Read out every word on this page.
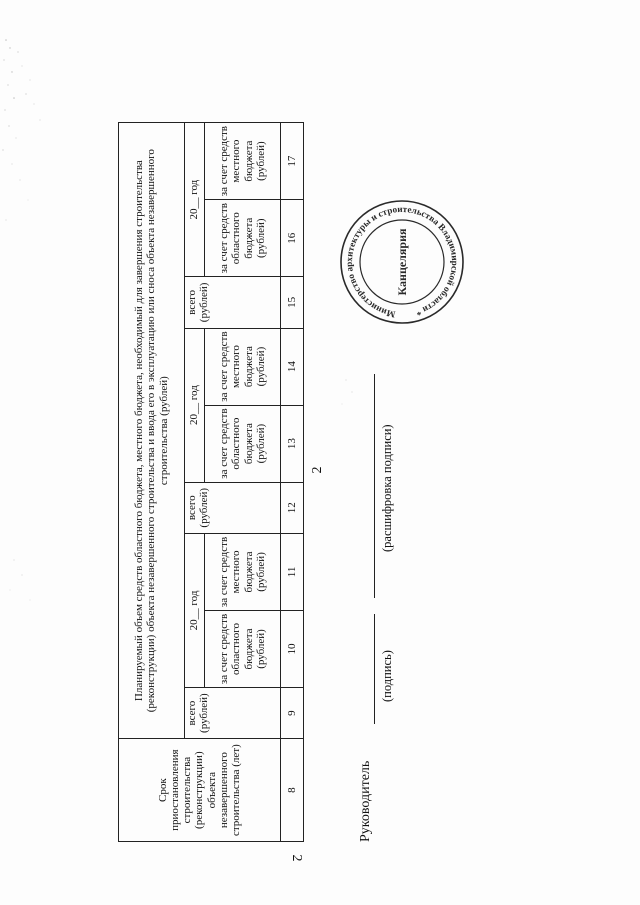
2
2
Срок приостановления строительства (реконструкции) объекта незавершенного строительства (лет)	Планируемый объем средств областного бюджета, местного бюджета, необходимый для завершения строительства (реконструкции) объекта незавершенного строительства и ввода его в эксплуатацию или сноса объекта незавершенного строительства (рублей)								
	всего (рублей)	20__ год		всего (рублей)	20__ год		всего (рублей)	20__ год	
		за счет средств областного бюджета (рублей)	за счет средств местного бюджета (рублей)		за счет средств областного бюджета (рублей)	за счет средств местного бюджета (рублей)		за счет средств областного бюджета (рублей)	за счет средств местного бюджета (рублей)
8	9	10	11	12	13	14	15	16	17
Руководитель
(подпись)
(расшифровка подписи)
Министерство архитектуры и строительства Владимирской области *
Канцелярия
